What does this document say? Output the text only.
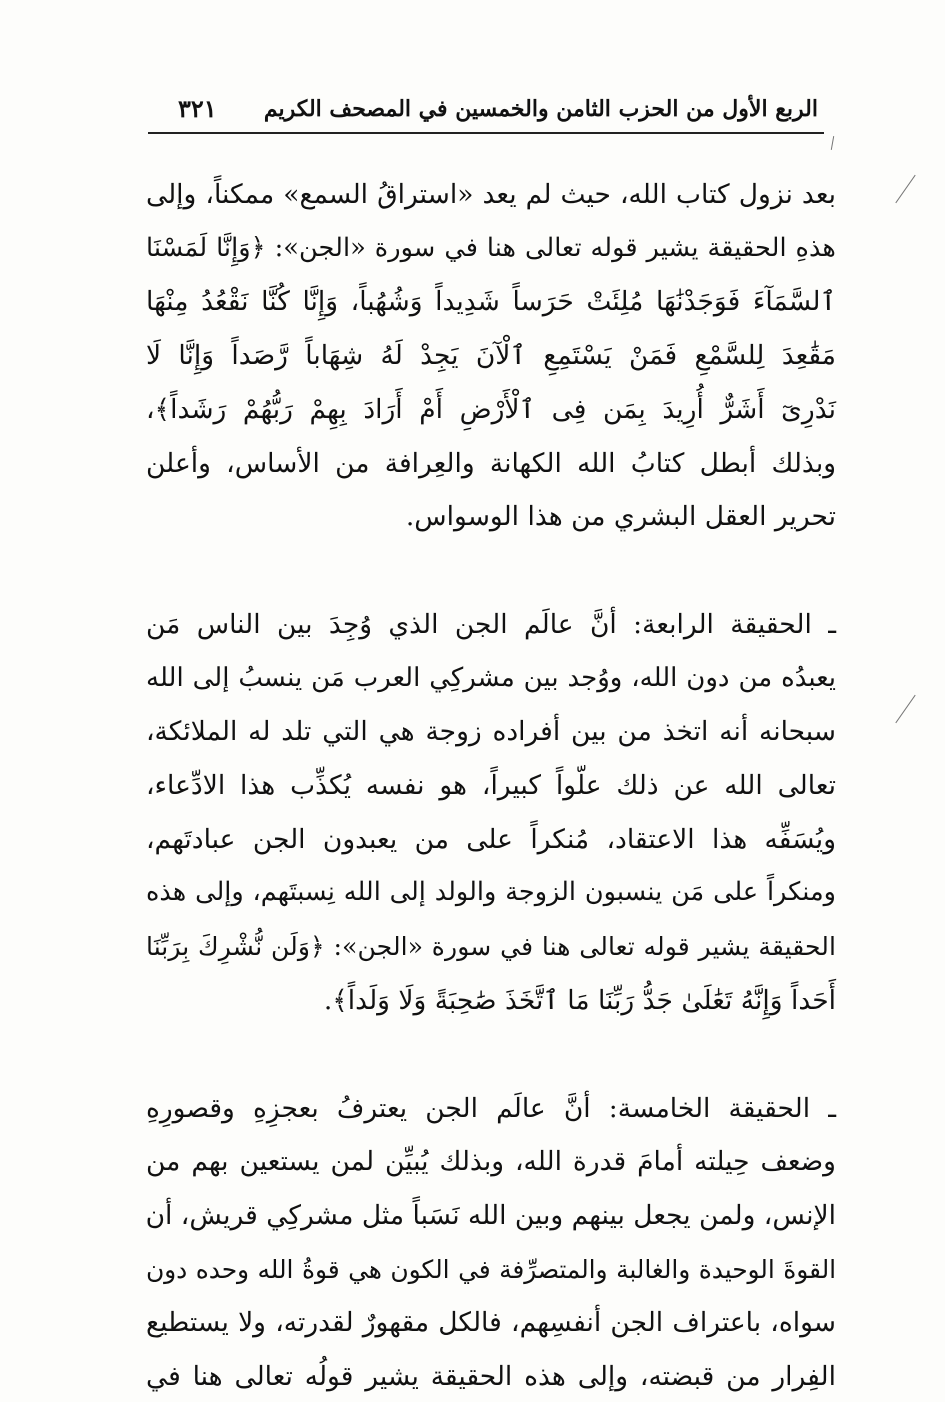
الربع الأول من الحزب الثامن والخمسين في المصحف الكريم
٣٢١

بعد نزول كتاب الله، حيث لم يعد «استراقُ السمع» ممكناً، وإلى
هذهِ الحقيقة يشير قوله تعالى هنا في سورة «الجن»: ﴿وَإِنَّا لَمَسْنَا
ٱلسَّمَآءَ فَوَجَدْنَٰهَا مُلِئَتْ حَرَساً شَدِيداً وَشُهُباً، وَإِنَّا كُنَّا نَقْعُدُ مِنْهَا
مَقَٰعِدَ لِلسَّمْعِ فَمَنْ يَسْتَمِعِ ٱلْآنَ يَجِدْ لَهُ شِهَاباً رَّصَداً وَإِنَّا لَا
نَدْرِىٓ أَشَرٌّ أُرِيدَ بِمَن فِى ٱلْأَرْضِ أَمْ أَرَادَ بِهِمْ رَبُّهُمْ رَشَداً﴾،
وبذلك أبطل كتابُ الله الكهانة والعِرافة من الأساس، وأعلن
تحرير العقل البشري من هذا الوسواس.

ـ الحقيقة الرابعة: أنَّ عالَم الجن الذي وُجِدَ بين الناس مَن
يعبدُه من دون الله، ووُجد بين مشركِي العرب مَن ينسبُ إلى الله
سبحانه أنه اتخذ من بين أفراده زوجة هي التي تلد له الملائكة،
تعالى الله عن ذلك علّواً كبيراً، هو نفسه يُكذِّب هذا الادِّعاء،
ويُسَفِّه هذا الاعتقاد، مُنكراً على من يعبدون الجن عبادتَهم،
ومنكراً على مَن ينسبون الزوجة والولد إلى الله نِسبتَهم، وإلى هذه
الحقيقة يشير قوله تعالى هنا في سورة «الجن»: ﴿وَلَن نُّشْرِكَ بِرَبِّنَا
أَحَداً وَإِنَّهُ تَعَٰلَىٰ جَدُّ رَبِّنَا مَا ٱتَّخَذَ صَٰحِبَةً وَلَا وَلَداً﴾.

ـ الحقيقة الخامسة: أنَّ عالَم الجن يعترفُ بعجزِهِ وقصورِهِ
وضعف حِيلته أمامَ قدرة الله، وبذلك يُبيِّن لمن يستعين بهم من
الإنس، ولمن يجعل بينهم وبين الله نَسَباً مثل مشركِي قريش، أن
القوةَ الوحيدة والغالبة والمتصرِّفة في الكون هي قوةُ الله وحده دون
سواه، باعتراف الجن أنفسِهم، فالكل مقهورٌ لقدرته، ولا يستطيع
الفِرار من قبضته، وإلى هذه الحقيقة يشير قولُه تعالى هنا في
